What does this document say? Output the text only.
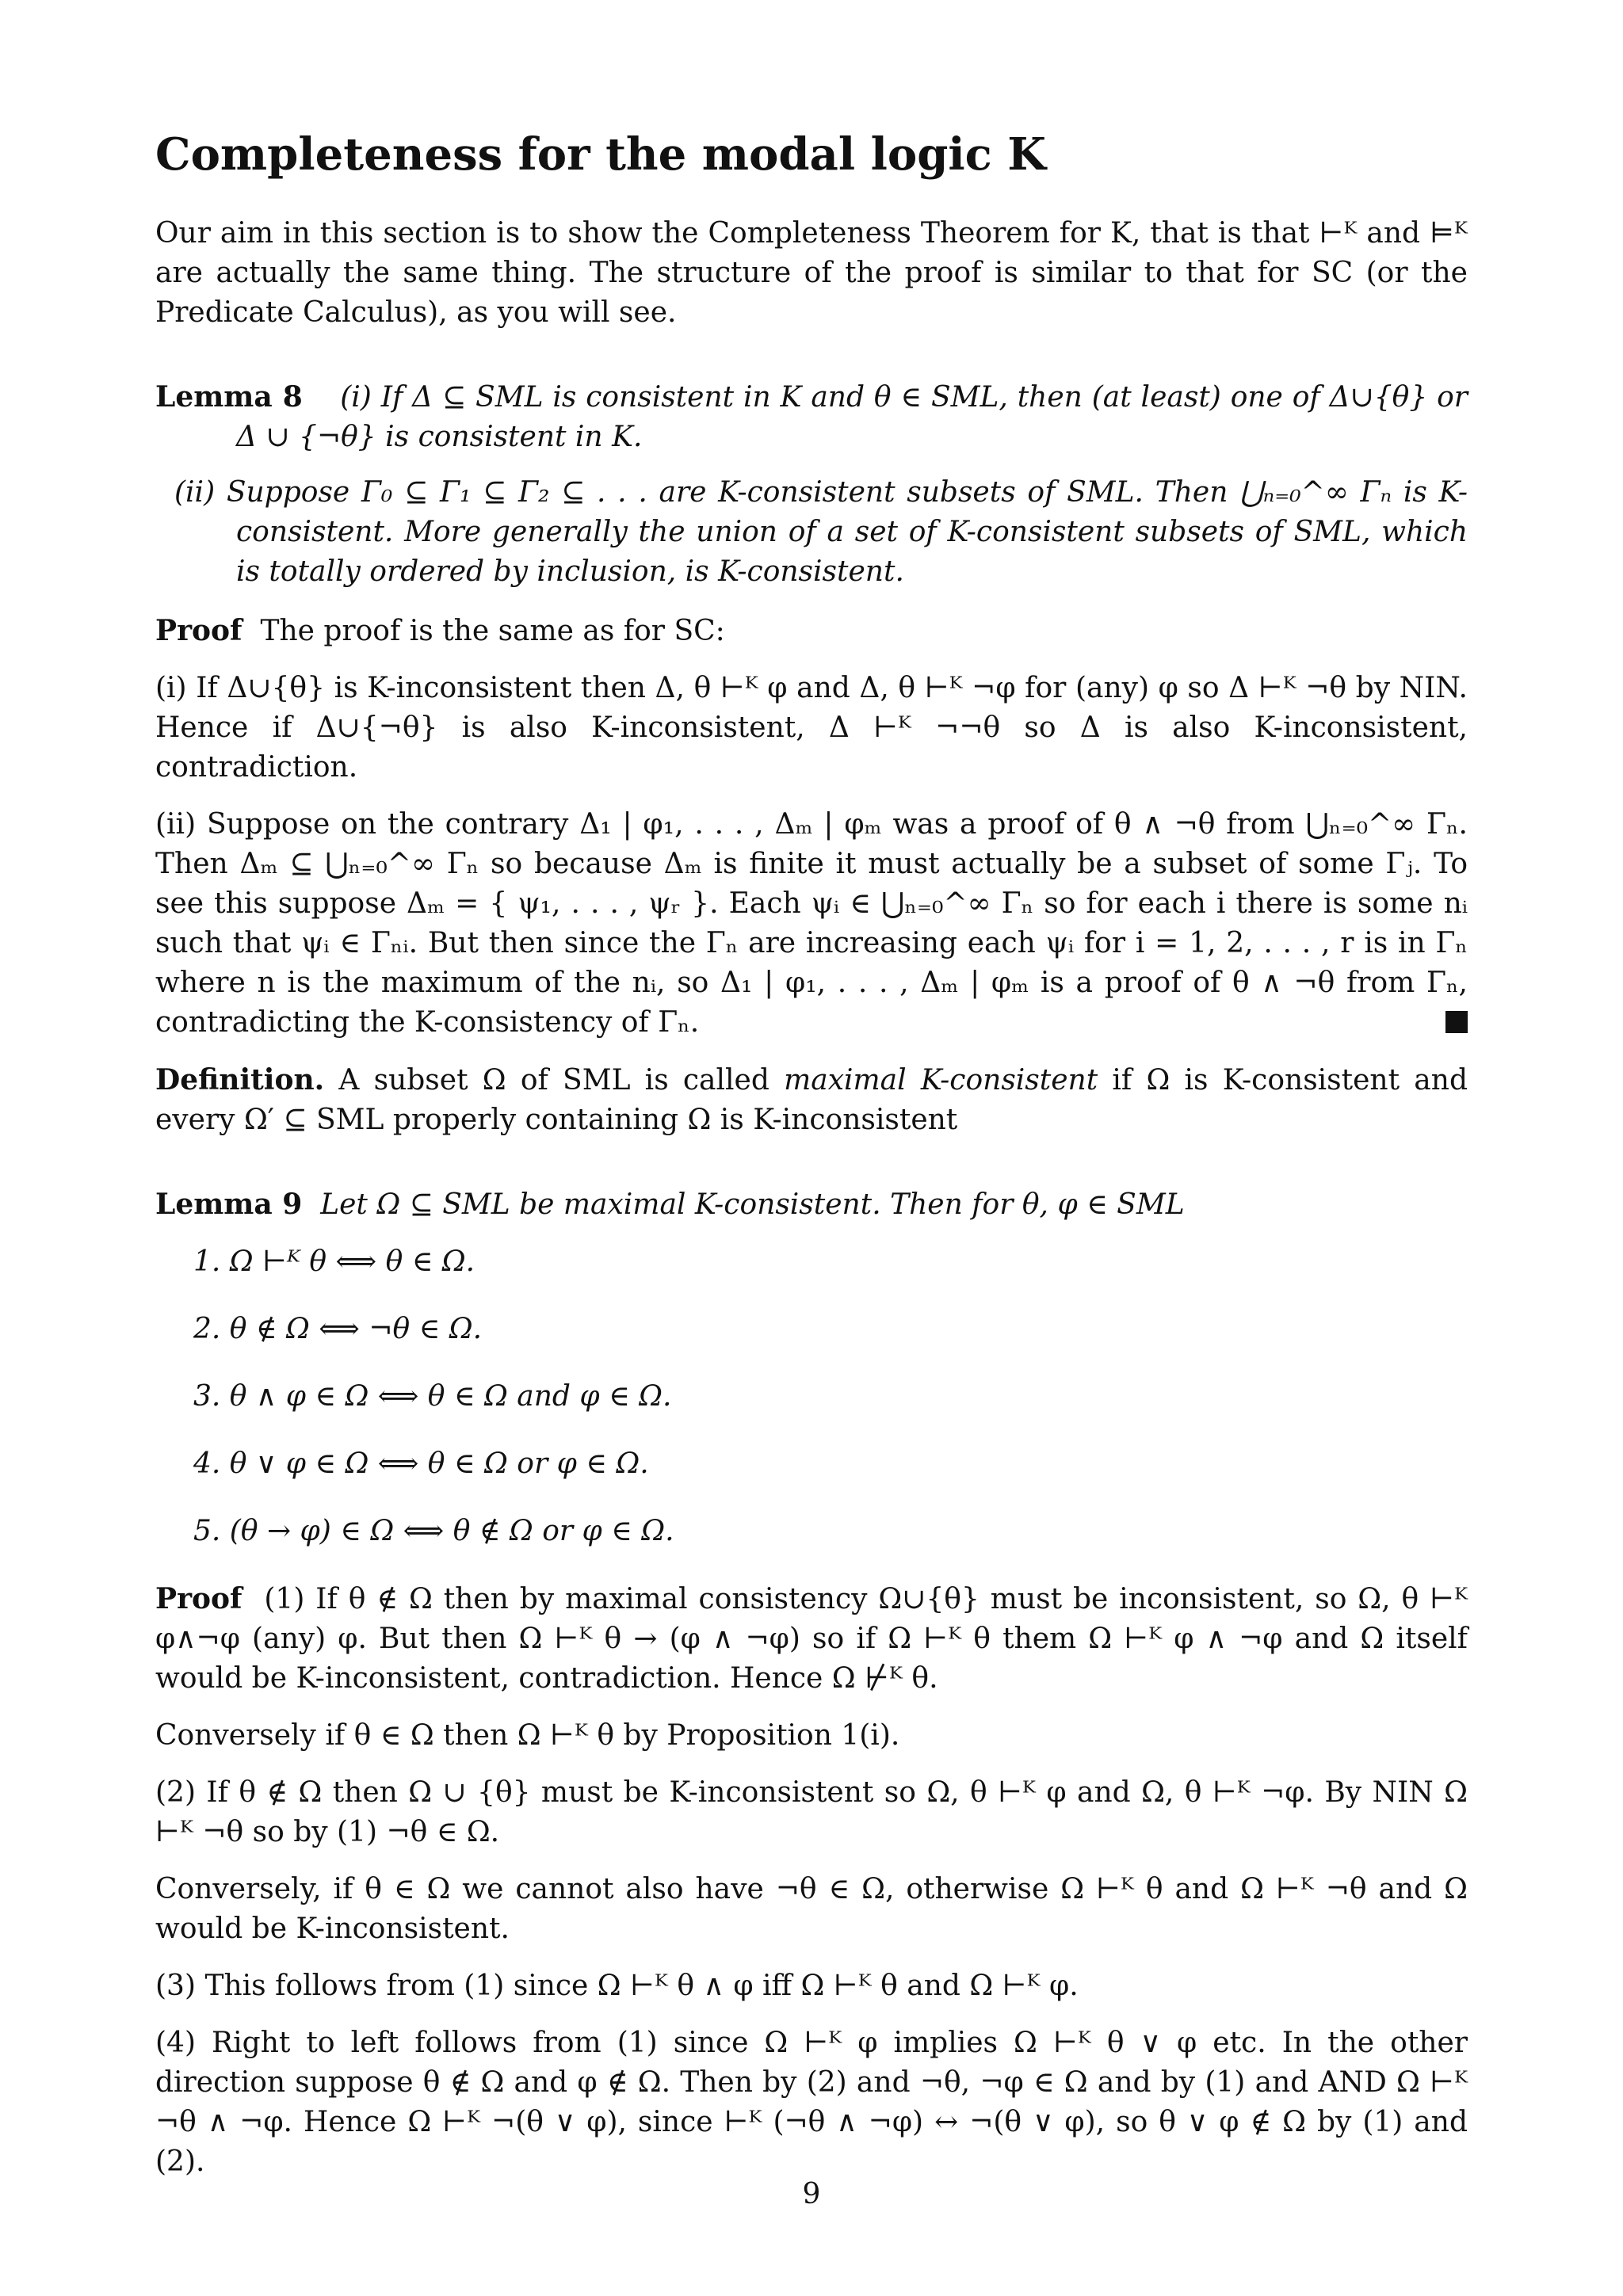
Completeness for the modal logic K

Our aim in this section is to show the Completeness Theorem for K, that is that ⊢ᴷ and ⊨ᴷ are actually the same thing. The structure of the proof is similar to that for SC (or the Predicate Calculus), as you will see.

Lemma 8 (i) If Δ ⊆ SML is consistent in K and θ ∈ SML, then (at least) one of Δ∪{θ} or Δ ∪ {¬θ} is consistent in K.
(ii) Suppose Γ₀ ⊆ Γ₁ ⊆ Γ₂ ⊆ . . . are K-consistent subsets of SML. Then ⋃ₙ₌₀^∞ Γₙ is K-consistent. More generally the union of a set of K-consistent subsets of SML, which is totally ordered by inclusion, is K-consistent.

Proof The proof is the same as for SC:

(i) If Δ∪{θ} is K-inconsistent then Δ, θ ⊢ᴷ φ and Δ, θ ⊢ᴷ ¬φ for (any) φ so Δ ⊢ᴷ ¬θ by NIN. Hence if Δ∪{¬θ} is also K-inconsistent, Δ ⊢ᴷ ¬¬θ so Δ is also K-inconsistent, contradiction.

(ii) Suppose on the contrary Δ₁ | φ₁, . . . , Δₘ | φₘ was a proof of θ ∧ ¬θ from ⋃ₙ₌₀^∞ Γₙ. Then Δₘ ⊆ ⋃ₙ₌₀^∞ Γₙ so because Δₘ is finite it must actually be a subset of some Γⱼ. To see this suppose Δₘ = { ψ₁, . . . , ψᵣ }. Each ψᵢ ∈ ⋃ₙ₌₀^∞ Γₙ so for each i there is some nᵢ such that ψᵢ ∈ Γₙᵢ. But then since the Γₙ are increasing each ψᵢ for i = 1, 2, . . . , r is in Γₙ where n is the maximum of the nᵢ, so Δ₁ | φ₁, . . . , Δₘ | φₘ is a proof of θ ∧ ¬θ from Γₙ, contradicting the K-consistency of Γₙ.

Definition. A subset Ω of SML is called maximal K-consistent if Ω is K-consistent and every Ω′ ⊆ SML properly containing Ω is K-inconsistent

Lemma 9 Let Ω ⊆ SML be maximal K-consistent. Then for θ, φ ∈ SML

1. Ω ⊢ᴷ θ ⟺ θ ∈ Ω.
2. θ ∉ Ω ⟺ ¬θ ∈ Ω.
3. θ ∧ φ ∈ Ω ⟺ θ ∈ Ω and φ ∈ Ω.
4. θ ∨ φ ∈ Ω ⟺ θ ∈ Ω or φ ∈ Ω.
5. (θ → φ) ∈ Ω ⟺ θ ∉ Ω or φ ∈ Ω.

Proof (1) If θ ∉ Ω then by maximal consistency Ω∪{θ} must be inconsistent, so Ω, θ ⊢ᴷ φ∧¬φ (any) φ. But then Ω ⊢ᴷ θ → (φ ∧ ¬φ) so if Ω ⊢ᴷ θ them Ω ⊢ᴷ φ ∧ ¬φ and Ω itself would be K-inconsistent, contradiction. Hence Ω ⊬ᴷ θ.

Conversely if θ ∈ Ω then Ω ⊢ᴷ θ by Proposition 1(i).

(2) If θ ∉ Ω then Ω ∪ {θ} must be K-inconsistent so Ω, θ ⊢ᴷ φ and Ω, θ ⊢ᴷ ¬φ. By NIN Ω ⊢ᴷ ¬θ so by (1) ¬θ ∈ Ω.

Conversely, if θ ∈ Ω we cannot also have ¬θ ∈ Ω, otherwise Ω ⊢ᴷ θ and Ω ⊢ᴷ ¬θ and Ω would be K-inconsistent.

(3) This follows from (1) since Ω ⊢ᴷ θ ∧ φ iff Ω ⊢ᴷ θ and Ω ⊢ᴷ φ.

(4) Right to left follows from (1) since Ω ⊢ᴷ φ implies Ω ⊢ᴷ θ ∨ φ etc. In the other direction suppose θ ∉ Ω and φ ∉ Ω. Then by (2) and ¬θ, ¬φ ∈ Ω and by (1) and AND Ω ⊢ᴷ ¬θ ∧ ¬φ. Hence Ω ⊢ᴷ ¬(θ ∨ φ), since ⊢ᴷ (¬θ ∧ ¬φ) ↔ ¬(θ ∨ φ), so θ ∨ φ ∉ Ω by (1) and (2).

9
